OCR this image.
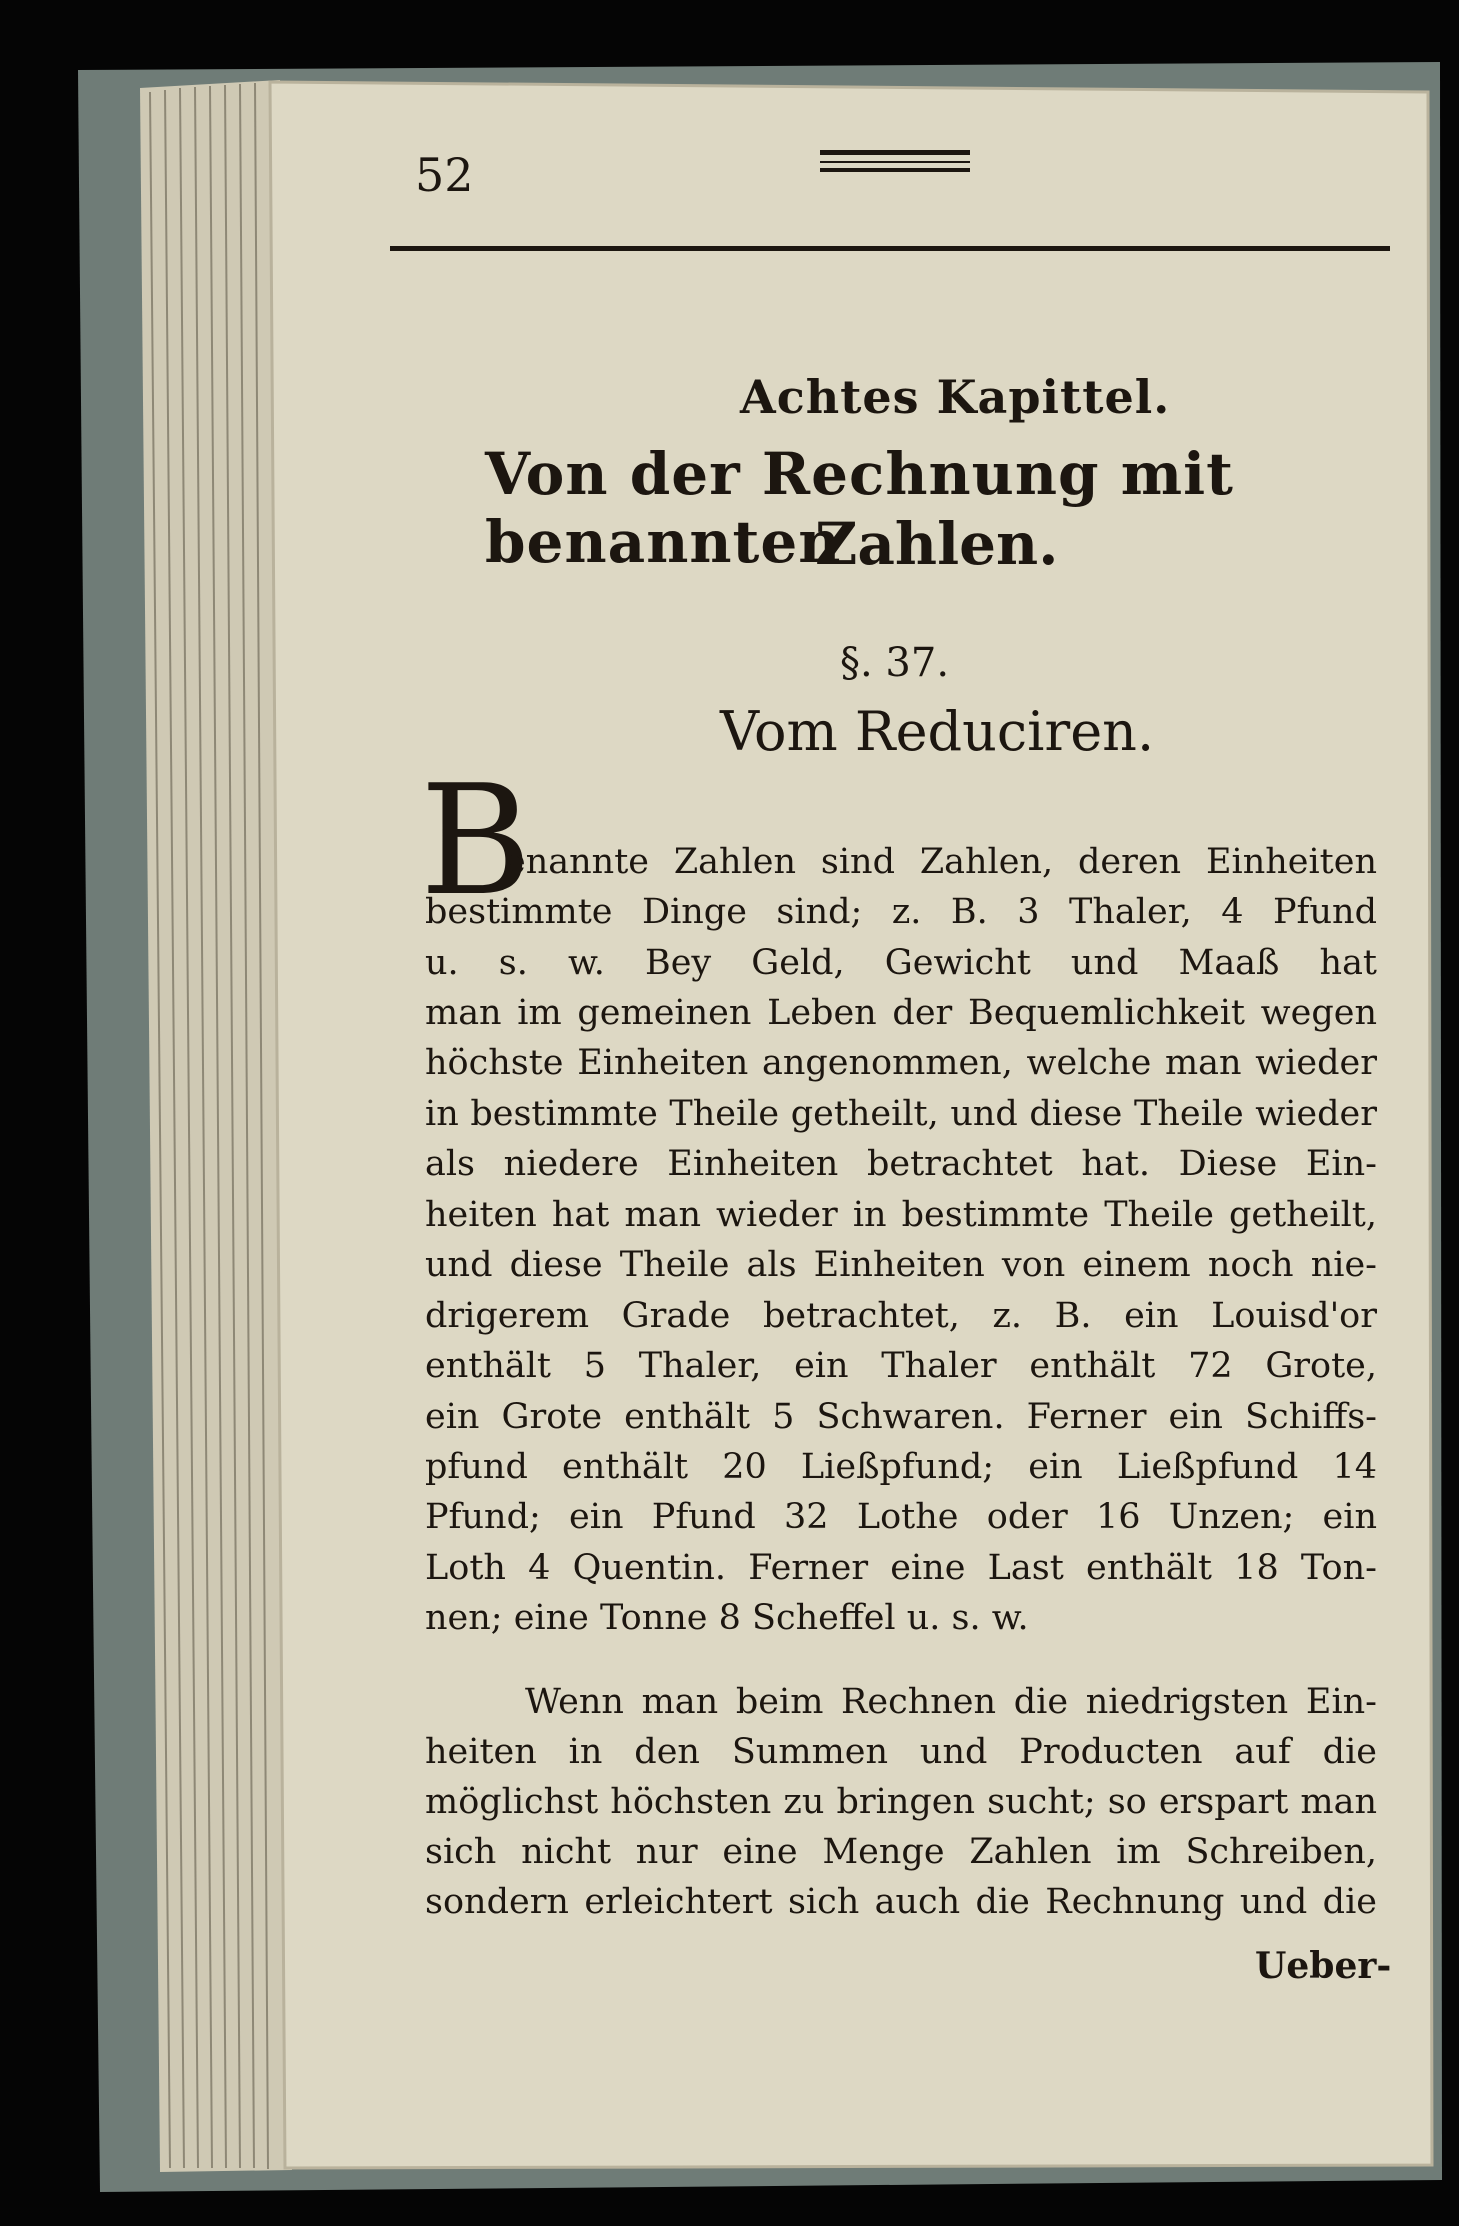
52
Achtes Kapittel.
Von der Rechnung mit benannten
Zahlen.
§. 37.
Vom Reduciren.
B
enannte Zahlen sind Zahlen, deren Einheiten
bestimmte Dinge sind; z. B. 3 Thaler, 4 Pfund
u. s. w. Bey Geld, Gewicht und Maaß hat
man im gemeinen Leben der Bequemlichkeit wegen
höchste Einheiten angenommen, welche man wieder
in bestimmte Theile getheilt, und diese Theile wieder
als niedere Einheiten betrachtet hat. Diese Ein-
heiten hat man wieder in bestimmte Theile getheilt,
und diese Theile als Einheiten von einem noch nie-
drigerem Grade betrachtet, z. B. ein Louisd'or
enthält 5 Thaler, ein Thaler enthält 72 Grote,
ein Grote enthält 5 Schwaren. Ferner ein Schiffs-
pfund enthält 20 Ließpfund; ein Ließpfund 14
Pfund; ein Pfund 32 Lothe oder 16 Unzen; ein
Loth 4 Quentin. Ferner eine Last enthält 18 Ton-
nen; eine Tonne 8 Scheffel u. s. w.
Wenn man beim Rechnen die niedrigsten Ein-
heiten in den Summen und Producten auf die
möglichst höchsten zu bringen sucht; so erspart man
sich nicht nur eine Menge Zahlen im Schreiben,
sondern erleichtert sich auch die Rechnung und die
Ueber-
